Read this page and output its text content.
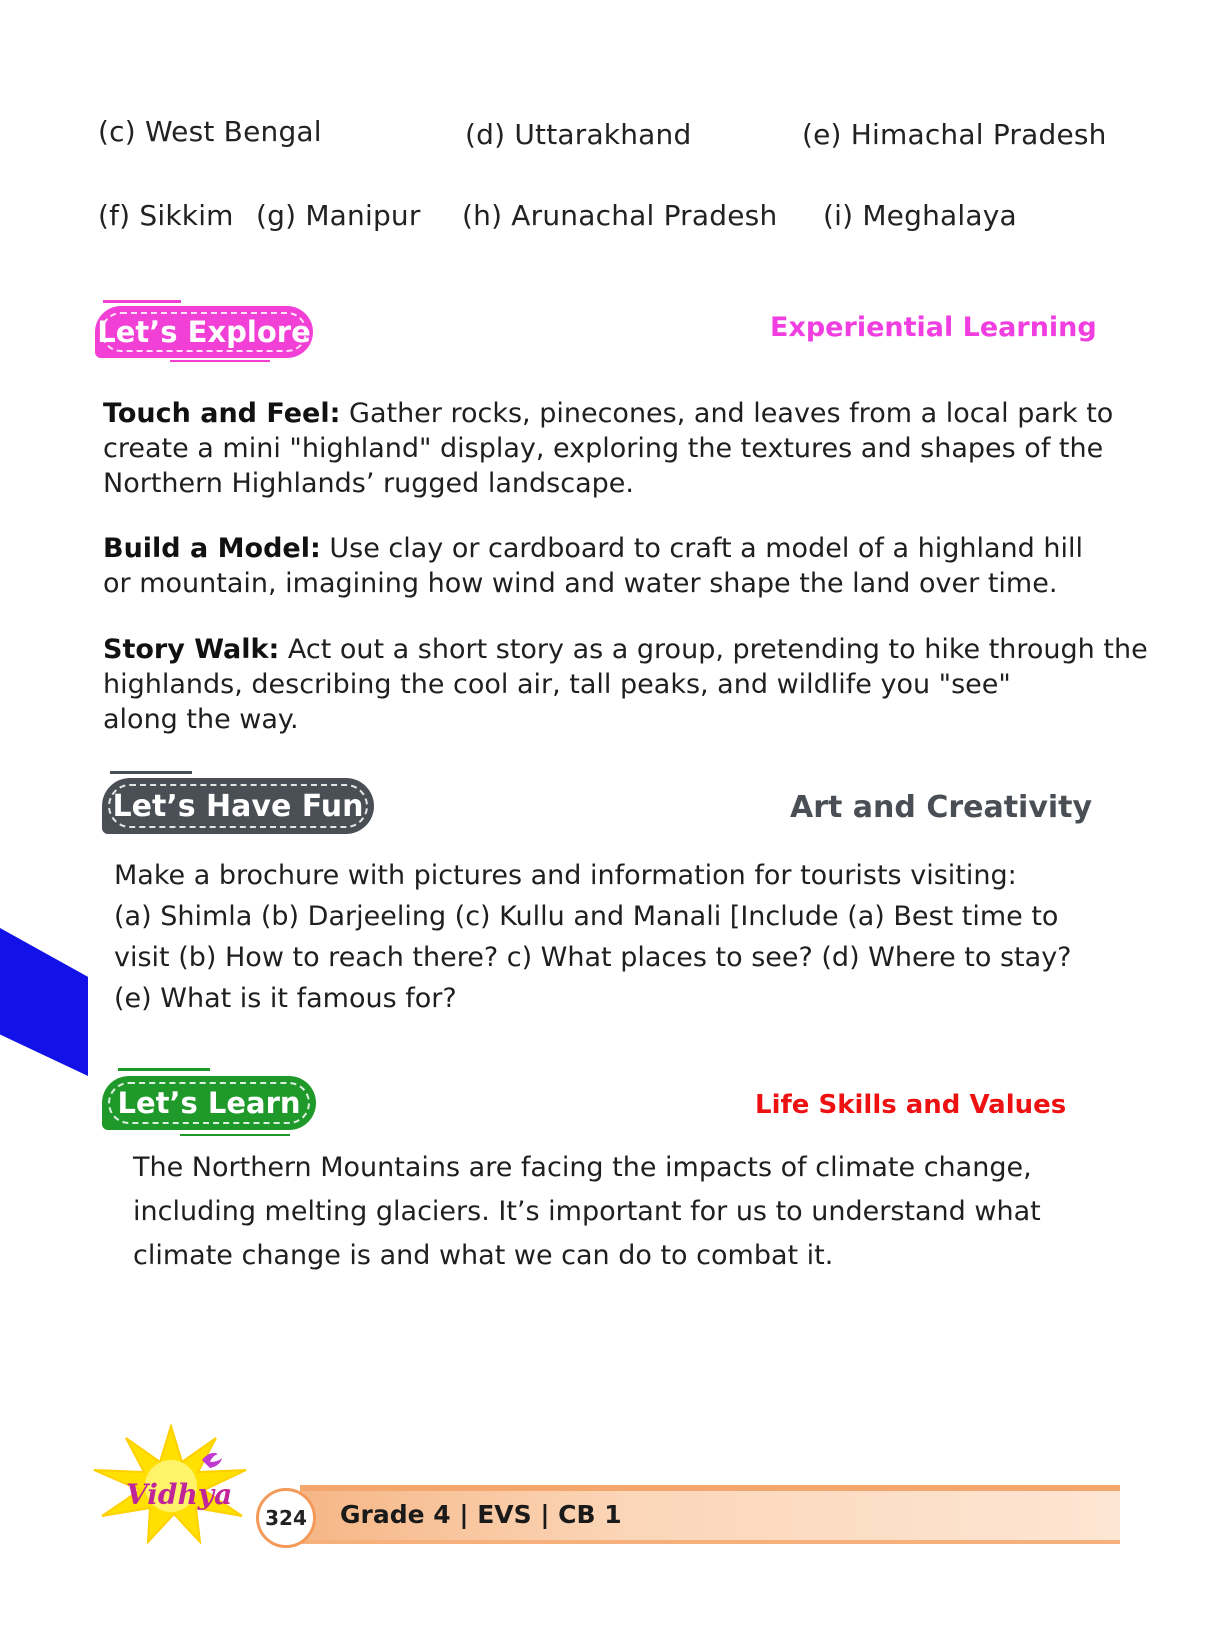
(c) West Bengal	(d) Uttarakhand	(e) Himachal Pradesh
(f) Sikkim (g) Manipur (h) Arunachal Pradesh (i) Meghalaya
Let’s Explore	Experiential Learning
Touch and Feel: Gather rocks, pinecones, and leaves from a local park to
create a mini "highland" display, exploring the textures and shapes of the
Northern Highlands’ rugged landscape.
Build a Model: Use clay or cardboard to craft a model of a highland hill
or mountain, imagining how wind and water shape the land over time.
Story Walk: Act out a short story as a group, pretending to hike through the
highlands, describing the cool air, tall peaks, and wildlife you "see"
along the way.
Let’s Have Fun	Art and Creativity
Make a brochure with pictures and information for tourists visiting:
(a) Shimla (b) Darjeeling (c) Kullu and Manali [Include (a) Best time to
visit (b) How to reach there? c) What places to see? (d) Where to stay?
(e) What is it famous for?
Let’s Learn	Life Skills and Values
The Northern Mountains are facing the impacts of climate change,
including melting glaciers. It’s important for us to understand what
climate change is and what we can do to combat it.
Vidhya
324	Grade 4 | EVS | CB 1
